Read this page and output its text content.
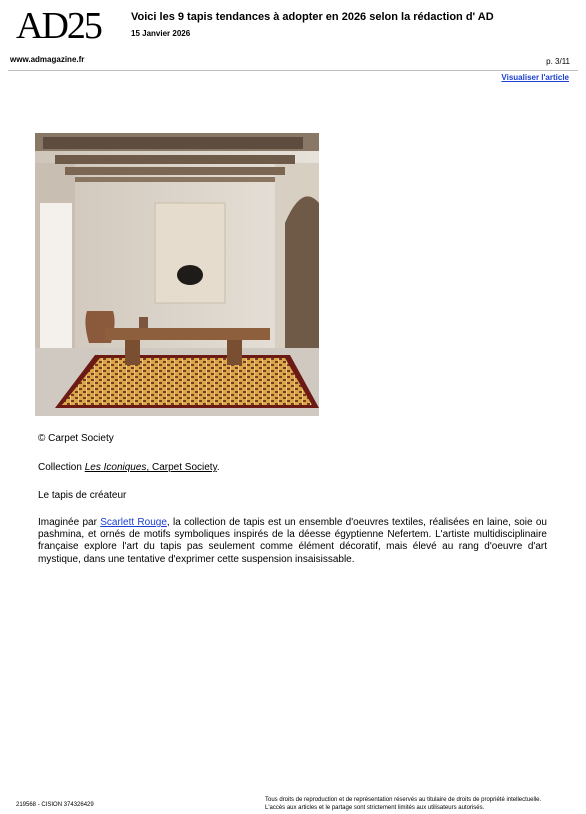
AD25	Voici les 9 tapis tendances à adopter en 2026 selon la rédaction d' AD
15 Janvier 2026
www.admagazine.fr	p. 3/11
Visualiser l'article
© Carpet Society
Collection Les Iconiques, Carpet Society.
Le tapis de créateur
Imaginée par Scarlett Rouge, la collection de tapis est un ensemble d'oeuvres textiles, réalisées en laine, soie ou pashmina, et ornés de motifs symboliques inspirés de la déesse égyptienne Nefertem. L'artiste multidisciplinaire française explore l'art du tapis pas seulement comme élément décoratif, mais élevé au rang d'oeuvre d'art mystique, dans une tentative d'exprimer cette suspension insaisissable.
219568 - CISION 374326429
Tous droits de reproduction et de représentation réservés au titulaire de droits de propriété intellectuelle.
L'accès aux articles et le partage sont strictement limités aux utilisateurs autorisés.
